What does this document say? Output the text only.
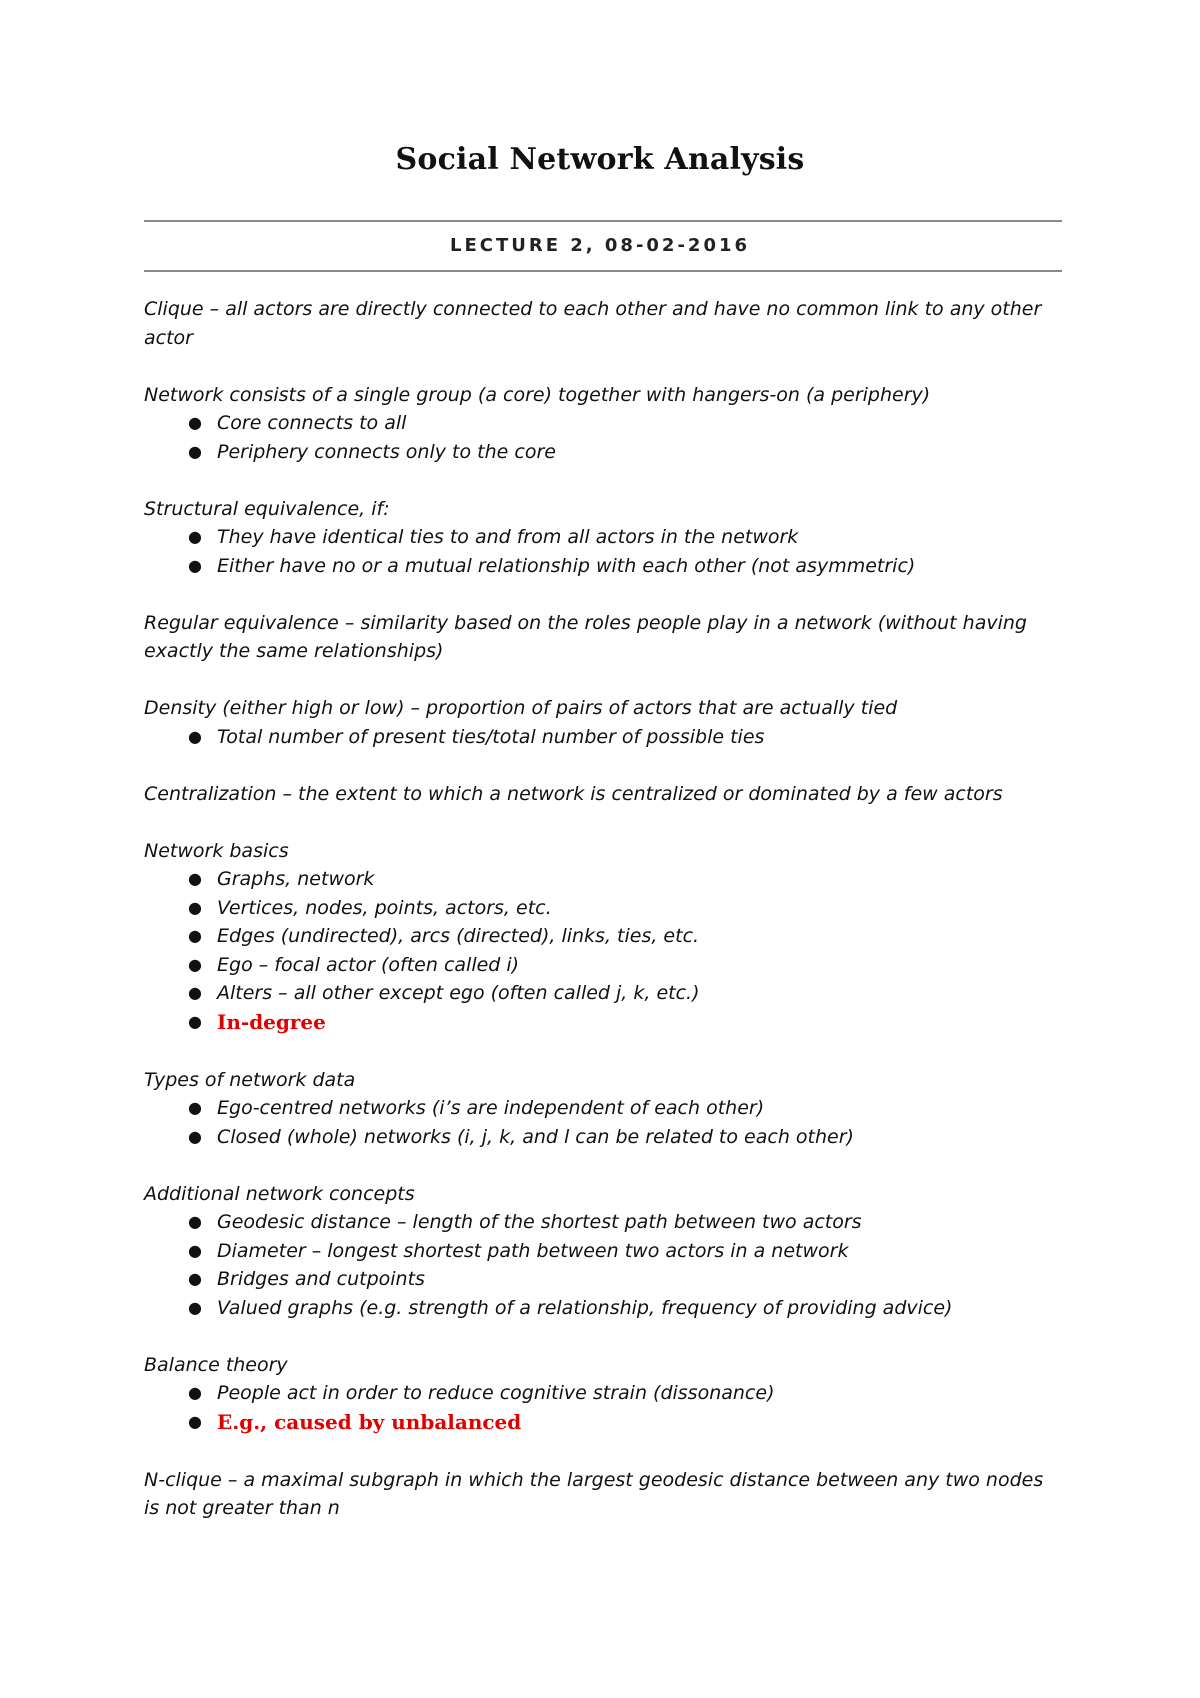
Social Network Analysis
LECTURE 2, 08-02-2016

Clique – all actors are directly connected to each other and have no common link to any other actor

Network consists of a single group (a core) together with hangers-on (a periphery)

● Core connects to all
● Periphery connects only to the core

Structural equivalence, if:

● They have identical ties to and from all actors in the network
● Either have no or a mutual relationship with each other (not asymmetric)

Regular equivalence – similarity based on the roles people play in a network (without having exactly the same relationships)

Density (either high or low) – proportion of pairs of actors that are actually tied

● Total number of present ties/total number of possible ties

Centralization – the extent to which a network is centralized or dominated by a few actors

Network basics

● Graphs, network
● Vertices, nodes, points, actors, etc.
● Edges (undirected), arcs (directed), links, ties, etc.
● Ego – focal actor (often called i)
● Alters – all other except ego (often called j, k, etc.)
● In-degree

Types of network data

● Ego-centred networks (i’s are independent of each other)
● Closed (whole) networks (i, j, k, and l can be related to each other)

Additional network concepts

● Geodesic distance – length of the shortest path between two actors
● Diameter – longest shortest path between two actors in a network
● Bridges and cutpoints
● Valued graphs (e.g. strength of a relationship, frequency of providing advice)

Balance theory

● People act in order to reduce cognitive strain (dissonance)
● E.g., caused by unbalanced

N-clique – a maximal subgraph in which the largest geodesic distance between any two nodes is not greater than n
